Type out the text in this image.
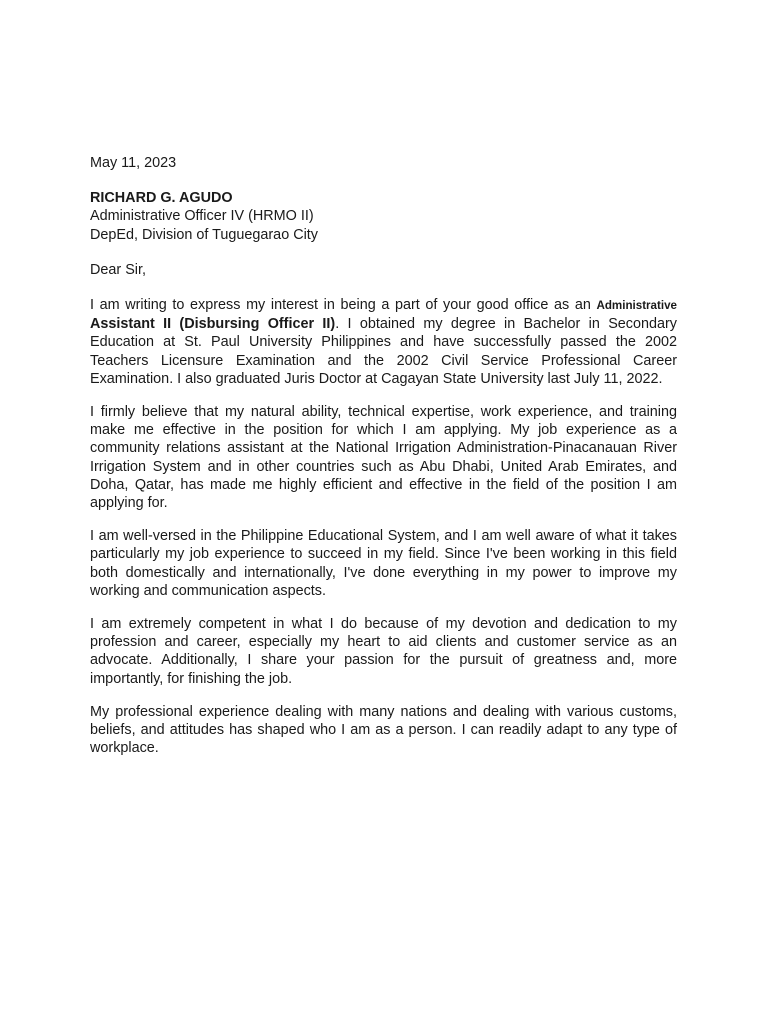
May 11, 2023

RICHARD G. AGUDO
Administrative Officer IV (HRMO II)
DepEd, Division of Tuguegarao City

Dear Sir,

I am writing to express my interest in being a part of your good office as an Administrative Assistant II (Disbursing Officer II). I obtained my degree in Bachelor in Secondary Education at St. Paul University Philippines and have successfully passed the 2002 Teachers Licensure Examination and the 2002 Civil Service Professional Career Examination. I also graduated Juris Doctor at Cagayan State University last July 11, 2022.

I firmly believe that my natural ability, technical expertise, work experience, and training make me effective in the position for which I am applying. My job experience as a community relations assistant at the National Irrigation Administration-Pinacanauan River Irrigation System and in other countries such as Abu Dhabi, United Arab Emirates, and Doha, Qatar, has made me highly efficient and effective in the field of the position I am applying for.

I am well-versed in the Philippine Educational System, and I am well aware of what it takes particularly my job experience to succeed in my field. Since I've been working in this field both domestically and internationally, I've done everything in my power to improve my working and communication aspects.

I am extremely competent in what I do because of my devotion and dedication to my profession and career, especially my heart to aid clients and customer service as an advocate. Additionally, I share your passion for the pursuit of greatness and, more importantly, for finishing the job.

My professional experience dealing with many nations and dealing with various customs, beliefs, and attitudes has shaped who I am as a person. I can readily adapt to any type of workplace.
